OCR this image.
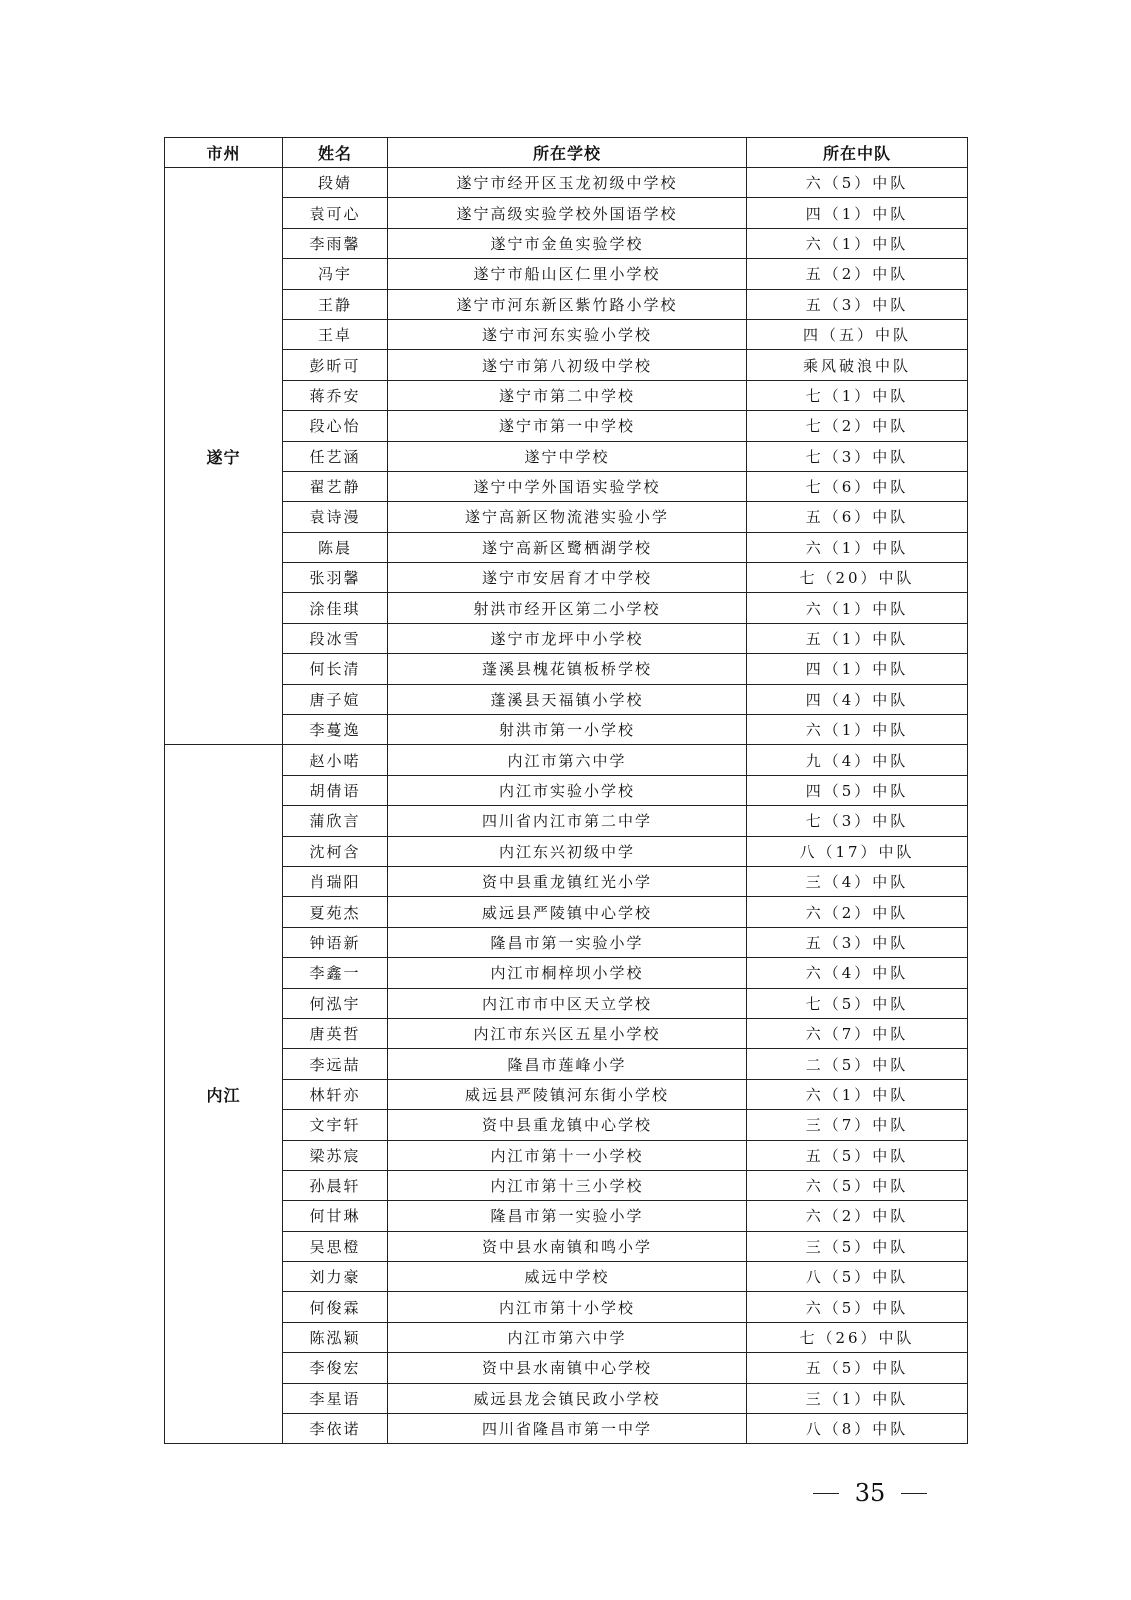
市州	姓名	所在学校	所在中队
遂宁	段婧	遂宁市经开区玉龙初级中学校	六（5）中队
	袁可心	遂宁高级实验学校外国语学校	四（1）中队
	李雨馨	遂宁市金鱼实验学校	六（1）中队
	冯宇	遂宁市船山区仁里小学校	五（2）中队
	王静	遂宁市河东新区紫竹路小学校	五（3）中队
	王卓	遂宁市河东实验小学校	四（五）中队
	彭昕可	遂宁市第八初级中学校	乘风破浪中队
	蒋乔安	遂宁市第二中学校	七（1）中队
	段心怡	遂宁市第一中学校	七（2）中队
	任艺涵	遂宁中学校	七（3）中队
	翟艺静	遂宁中学外国语实验学校	七（6）中队
	袁诗漫	遂宁高新区物流港实验小学	五（6）中队
	陈晨	遂宁高新区鹭栖湖学校	六（1）中队
	张羽馨	遂宁市安居育才中学校	七（20）中队
	涂佳琪	射洪市经开区第二小学校	六（1）中队
	段冰雪	遂宁市龙坪中小学校	五（1）中队
	何长清	蓬溪县槐花镇板桥学校	四（1）中队
	唐子媗	蓬溪县天福镇小学校	四（4）中队
	李蔓逸	射洪市第一小学校	六（1）中队
内江	赵小喏	内江市第六中学	九（4）中队
	胡倩语	内江市实验小学校	四（5）中队
	蒲欣言	四川省内江市第二中学	七（3）中队
	沈柯含	内江东兴初级中学	八（17）中队
	肖瑞阳	资中县重龙镇红光小学	三（4）中队
	夏苑杰	威远县严陵镇中心学校	六（2）中队
	钟语新	隆昌市第一实验小学	五（3）中队
	李鑫一	内江市桐梓坝小学校	六（4）中队
	何泓宇	内江市市中区天立学校	七（5）中队
	唐英哲	内江市东兴区五星小学校	六（7）中队
	李远喆	隆昌市莲峰小学	二（5）中队
	林轩亦	威远县严陵镇河东街小学校	六（1）中队
	文宇轩	资中县重龙镇中心学校	三（7）中队
	梁苏宸	内江市第十一小学校	五（5）中队
	孙晨轩	内江市第十三小学校	六（5）中队
	何甘琳	隆昌市第一实验小学	六（2）中队
	吴思橙	资中县水南镇和鸣小学	三（5）中队
	刘力豪	威远中学校	八（5）中队
	何俊霖	内江市第十小学校	六（5）中队
	陈泓颖	内江市第六中学	七（26）中队
	李俊宏	资中县水南镇中心学校	五（5）中队
	李星语	威远县龙会镇民政小学校	三（1）中队
	李依诺	四川省隆昌市第一中学	八（8）中队
35
